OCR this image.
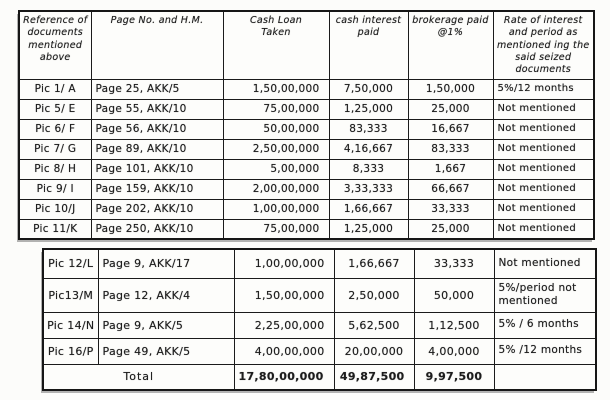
Reference of documents mentioned above	Page No. and H.M.	Cash Loan Taken	cash interest paid	brokerage paid @1%	Rate of interest and period as mentioned ing the said seized documents
Pic 1/ A	Page 25, AKK/5	1,50,00,000	7,50,000	1,50,000	5%/12 months
Pic 5/ E	Page 55, AKK/10	75,00,000	1,25,000	25,000	Not mentioned
Pic 6/ F	Page 56, AKK/10	50,00,000	83,333	16,667	Not mentioned
Pic 7/ G	Page 89, AKK/10	2,50,00,000	4,16,667	83,333	Not mentioned
Pic 8/ H	Page 101, AKK/10	5,00,000	8,333	1,667	Not mentioned
Pic 9/ I	Page 159, AKK/10	2,00,00,000	3,33,333	66,667	Not mentioned
Pic 10/J	Page 202, AKK/10	1,00,00,000	1,66,667	33,333	Not mentioned
Pic 11/K	Page 250, AKK/10	75,00,000	1,25,000	25,000	Not mentioned
Pic 12/L	Page 9, AKK/17	1,00,00,000	1,66,667	33,333	Not mentioned
Pic13/M	Page 12, AKK/4	1,50,00,000	2,50,000	50,000	5%/period not mentioned
Pic 14/N	Page 9, AKK/5	2,25,00,000	5,62,500	1,12,500	5% / 6 months
Pic 16/P	Page 49, AKK/5	4,00,00,000	20,00,000	4,00,000	5% /12 months
Total		17,80,00,000	49,87,500	9,97,500	
